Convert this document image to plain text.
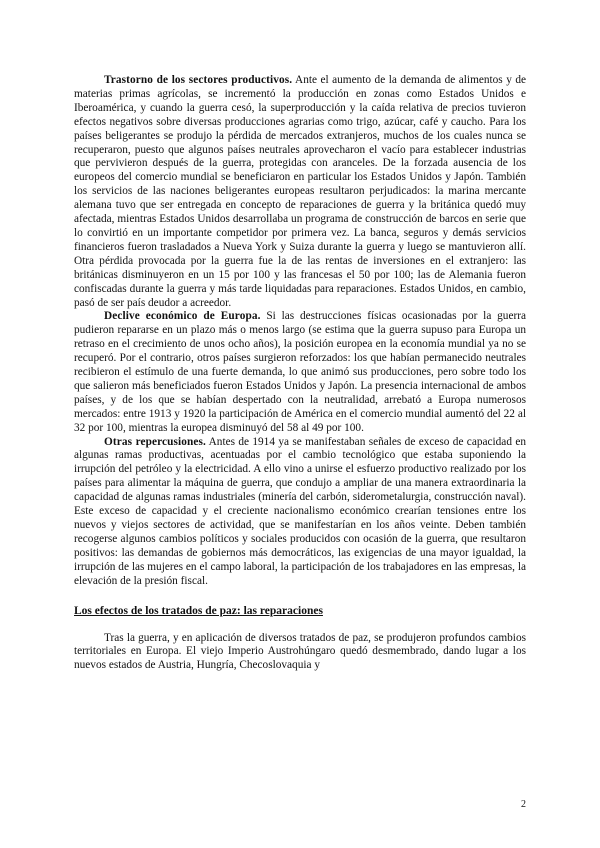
Trastorno de los sectores productivos. Ante el aumento de la demanda de alimentos y de materias primas agrícolas, se incrementó la producción en zonas como Estados Unidos e Iberoamérica, y cuando la guerra cesó, la superproducción y la caída relativa de precios tuvieron efectos negativos sobre diversas producciones agrarias como trigo, azúcar, café y caucho. Para los países beligerantes se produjo la pérdida de mercados extranjeros, muchos de los cuales nunca se recuperaron, puesto que algunos países neutrales aprovecharon el vacío para establecer industrias que pervivieron después de la guerra, protegidas con aranceles. De la forzada ausencia de los europeos del comercio mundial se beneficiaron en particular los Estados Unidos y Japón. También los servicios de las naciones beligerantes europeas resultaron perjudicados: la marina mercante alemana tuvo que ser entregada en concepto de reparaciones de guerra y la británica quedó muy afectada, mientras Estados Unidos desarrollaba un programa de construcción de barcos en serie que lo convirtió en un importante competidor por primera vez. La banca, seguros y demás servicios financieros fueron trasladados a Nueva York y Suiza durante la guerra y luego se mantuvieron allí. Otra pérdida provocada por la guerra fue la de las rentas de inversiones en el extranjero: las británicas disminuyeron en un 15 por 100 y las francesas el 50 por 100; las de Alemania fueron confiscadas durante la guerra y más tarde liquidadas para reparaciones. Estados Unidos, en cambio, pasó de ser país deudor a acreedor.

Declive económico de Europa. Si las destrucciones físicas ocasionadas por la guerra pudieron repararse en un plazo más o menos largo (se estima que la guerra supuso para Europa un retraso en el crecimiento de unos ocho años), la posición europea en la economía mundial ya no se recuperó. Por el contrario, otros países surgieron reforzados: los que habían permanecido neutrales recibieron el estímulo de una fuerte demanda, lo que animó sus producciones, pero sobre todo los que salieron más beneficiados fueron Estados Unidos y Japón. La presencia internacional de ambos países, y de los que se habían despertado con la neutralidad, arrebató a Europa numerosos mercados: entre 1913 y 1920 la participación de América en el comercio mundial aumentó del 22 al 32 por 100, mientras la europea disminuyó del 58 al 49 por 100.

Otras repercusiones. Antes de 1914 ya se manifestaban señales de exceso de capacidad en algunas ramas productivas, acentuadas por el cambio tecnológico que estaba suponiendo la irrupción del petróleo y la electricidad. A ello vino a unirse el esfuerzo productivo realizado por los países para alimentar la máquina de guerra, que condujo a ampliar de una manera extraordinaria la capacidad de algunas ramas industriales (minería del carbón, siderometalurgia, construcción naval). Este exceso de capacidad y el creciente nacionalismo económico crearían tensiones entre los nuevos y viejos sectores de actividad, que se manifestarían en los años veinte. Deben también recogerse algunos cambios políticos y sociales producidos con ocasión de la guerra, que resultaron positivos: las demandas de gobiernos más democráticos, las exigencias de una mayor igualdad, la irrupción de las mujeres en el campo laboral, la participación de los trabajadores en las empresas, la elevación de la presión fiscal.

Los efectos de los tratados de paz: las reparaciones

Tras la guerra, y en aplicación de diversos tratados de paz, se produjeron profundos cambios territoriales en Europa. El viejo Imperio Austrohúngaro quedó desmembrado, dando lugar a los nuevos estados de Austria, Hungría, Checoslovaquia y

2
